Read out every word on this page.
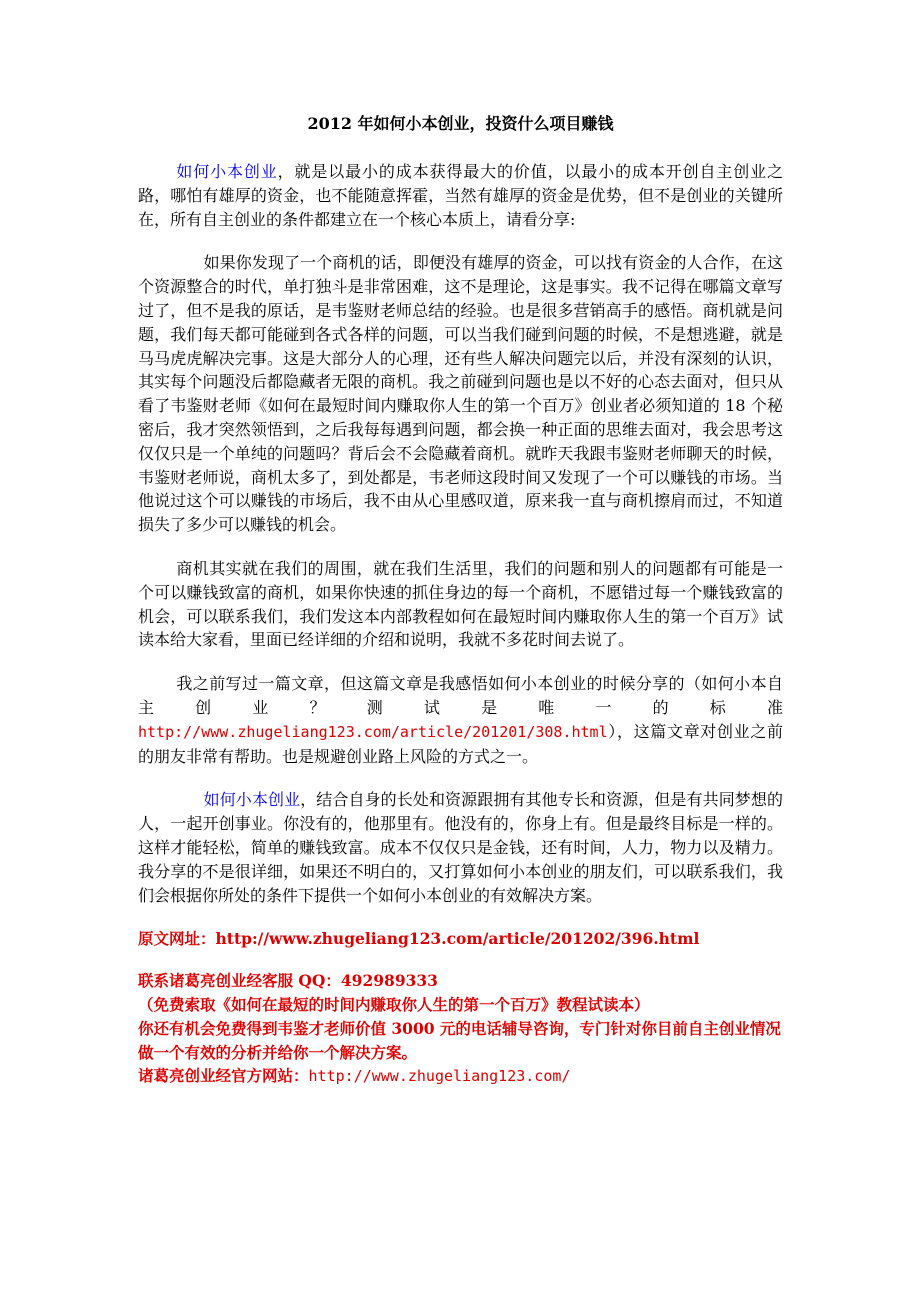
2012 年如何小本创业，投资什么项目赚钱

如何小本创业，就是以最小的成本获得最大的价值，以最小的成本开创自主创业之路，哪怕有雄厚的资金，也不能随意挥霍，当然有雄厚的资金是优势，但不是创业的关键所在，所有自主创业的条件都建立在一个核心本质上，请看分享:

如果你发现了一个商机的话，即便没有雄厚的资金，可以找有资金的人合作，在这个资源整合的时代，单打独斗是非常困难，这不是理论，这是事实。我不记得在哪篇文章写过了，但不是我的原话，是韦鉴财老师总结的经验。也是很多营销高手的感悟。商机就是问题，我们每天都可能碰到各式各样的问题，可以当我们碰到问题的时候，不是想逃避，就是马马虎虎解决完事。这是大部分人的心理，还有些人解决问题完以后，并没有深刻的认识，其实每个问题没后都隐藏者无限的商机。我之前碰到问题也是以不好的心态去面对，但只从看了韦鉴财老师《如何在最短时间内赚取你人生的第一个百万》创业者必须知道的 18 个秘密后，我才突然领悟到，之后我每每遇到问题，都会换一种正面的思维去面对，我会思考这仅仅只是一个单纯的问题吗？背后会不会隐藏着商机。就昨天我跟韦鉴财老师聊天的时候，韦鉴财老师说，商机太多了，到处都是，韦老师这段时间又发现了一个可以赚钱的市场。当他说过这个可以赚钱的市场后，我不由从心里感叹道，原来我一直与商机擦肩而过，不知道损失了多少可以赚钱的机会。

商机其实就在我们的周围，就在我们生活里，我们的问题和别人的问题都有可能是一个可以赚钱致富的商机，如果你快速的抓住身边的每一个商机，不愿错过每一个赚钱致富的机会，可以联系我们，我们发这本内部教程如何在最短时间内赚取你人生的第一个百万》试读本给大家看，里面已经详细的介绍和说明，我就不多花时间去说了。

我之前写过一篇文章，但这篇文章是我感悟如何小本创业的时候分享的（如何小本自主创业？测试是唯一的标准http://www.zhugeliang123.com/article/201201/308.html），这篇文章对创业之前的朋友非常有帮助。也是规避创业路上风险的方式之一。

如何小本创业，结合自身的长处和资源跟拥有其他专长和资源，但是有共同梦想的人，一起开创事业。你没有的，他那里有。他没有的，你身上有。但是最终目标是一样的。这样才能轻松，简单的赚钱致富。成本不仅仅只是金钱，还有时间，人力，物力以及精力。我分享的不是很详细，如果还不明白的，又打算如何小本创业的朋友们，可以联系我们，我们会根据你所处的条件下提供一个如何小本创业的有效解决方案。

原文网址：http://www.zhugeliang123.com/article/201202/396.html
联系诸葛亮创业经客服 QQ：492989333
（免费索取《如何在最短的时间内赚取你人生的第一个百万》教程试读本）
你还有机会免费得到韦鉴才老师价值 3000 元的电话辅导咨询，专门针对你目前自主创业情况做一个有效的分析并给你一个解决方案。
诸葛亮创业经官方网站：http://www.zhugeliang123.com/
